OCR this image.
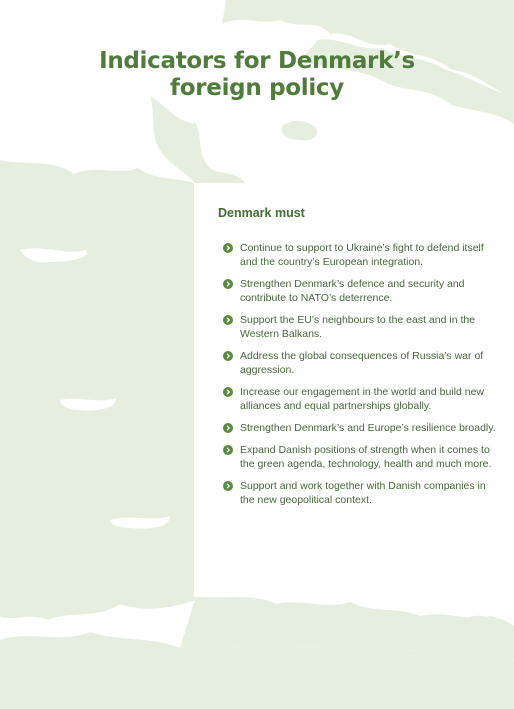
Indicators for Denmark’s
foreign policy
Denmark must
Continue to support to Ukraine’s fight to defend itself and the country’s European integration.
Strengthen Denmark’s defence and security and contribute to NATO’s deterrence.
Support the EU’s neighbours to the east and in the Western Balkans.
Address the global consequences of Russia’s war of aggression.
Increase our engagement in the world and build new alliances and equal partnerships globally.
Strengthen Denmark’s and Europe’s resilience broadly.
Expand Danish positions of strength when it comes to the green agenda, technology, health and much more.
Support and work together with Danish companies in the new geopolitical context.
